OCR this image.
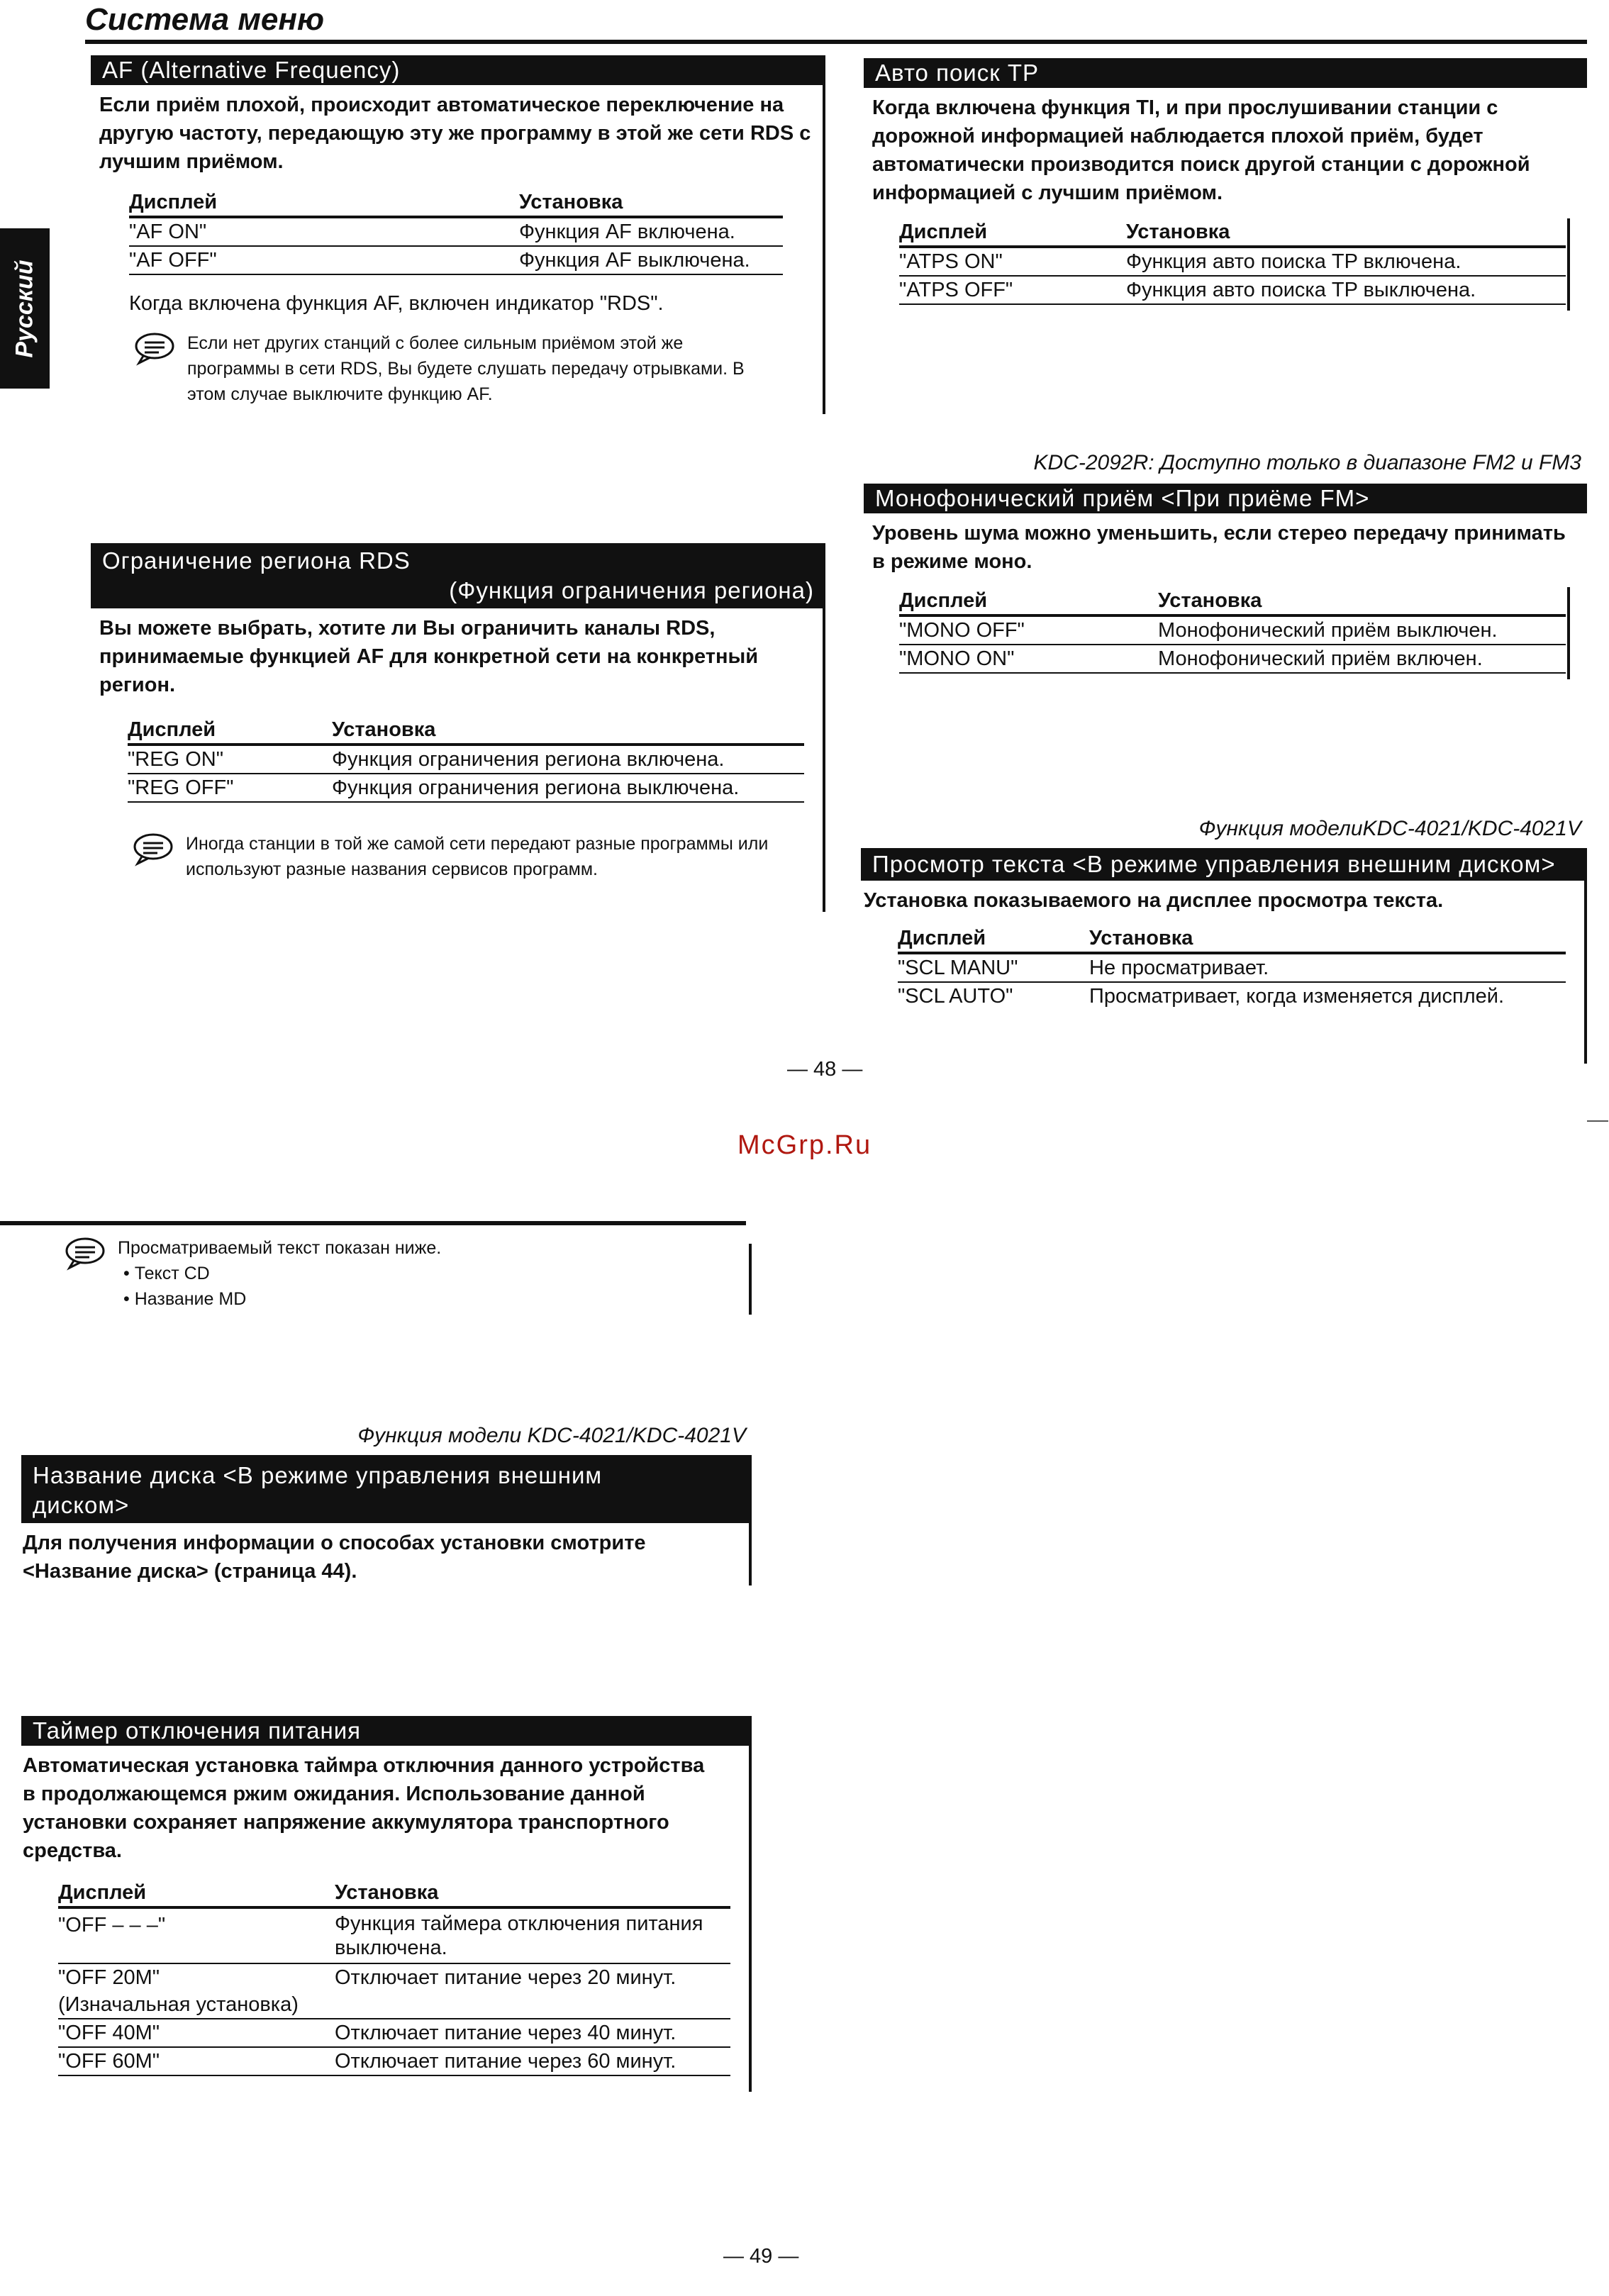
Система меню
Русский
AF (Alternative Frequency)
Если приём плохой, происходит автоматическое переключение на другую частоту, передающую эту же программу в этой же сети RDS с лучшим приёмом.
Дисплей	Установка
"AF ON"	Функция AF включена.
"AF OFF"	Функция AF выключена.
Когда включена функция AF, включен индикатор "RDS".
Если нет других станций с более сильным приёмом этой же программы в сети RDS, Вы будете слушать передачу отрывками. В этом случае выключите функцию AF.
Авто поиск TP
Когда включена функция TI, и при прослушивании станции с дорожной информацией наблюдается плохой приём, будет автоматически производится поиск другой станции с дорожной информацией с лучшим приёмом.
Дисплей	Установка
"ATPS ON"	Функция авто поиска TP включена.
"ATPS OFF"	Функция авто поиска TP выключена.
KDC-2092R: Доступно только в диапазоне FM2 и FM3
Монофонический приём <При приёме FM>
Уровень шума можно уменьшить, если стерео передачу принимать в режиме моно.
Дисплей	Установка
"MONO OFF"	Монофонический приём выключен.
"MONO ON"	Монофонический приём включен.
Ограничение региона RDS
(Функция ограничения региона)
Вы можете выбрать, хотите ли Вы ограничить каналы RDS, принимаемые функцией AF для конкретной сети на конкретный регион.
Дисплей	Установка
"REG ON"	Функция ограничения региона включена.
"REG OFF"	Функция ограничения региона выключена.
Иногда станции в той же самой сети передают разные программы или используют разные названия сервисов программ.
Функция моделиKDC-4021/KDC-4021V
Просмотр текста <В режиме управления внешним диском>
Установка показываемого на дисплее просмотра текста.
Дисплей	Установка
"SCL MANU"	Не просматривает.
"SCL AUTO"	Просматривает, когда изменяется дисплей.
— 48 —
McGrp.Ru
Просматриваемый текст показан ниже.
• Текст CD
• Название MD
Функция модели KDC-4021/KDC-4021V
Название диска <В режиме управления внешним диском>
Для получения информации о способах установки смотрите <Название диска> (страница 44).
Таймер отключения питания
Автоматическая установка таймра отключния данного устройства в продолжающемся ржим ожидания. Использование данной установки сохраняет напряжение аккумулятора транспортного средства.
Дисплей	Установка
"OFF – – –"	Функция таймера отключения питания выключена.
"OFF 20M"	Отключает питание через 20 минут.
(Изначальная установка)
"OFF 40M"	Отключает питание через 40 минут.
"OFF 60M"	Отключает питание через 60 минут.
— 49 —
